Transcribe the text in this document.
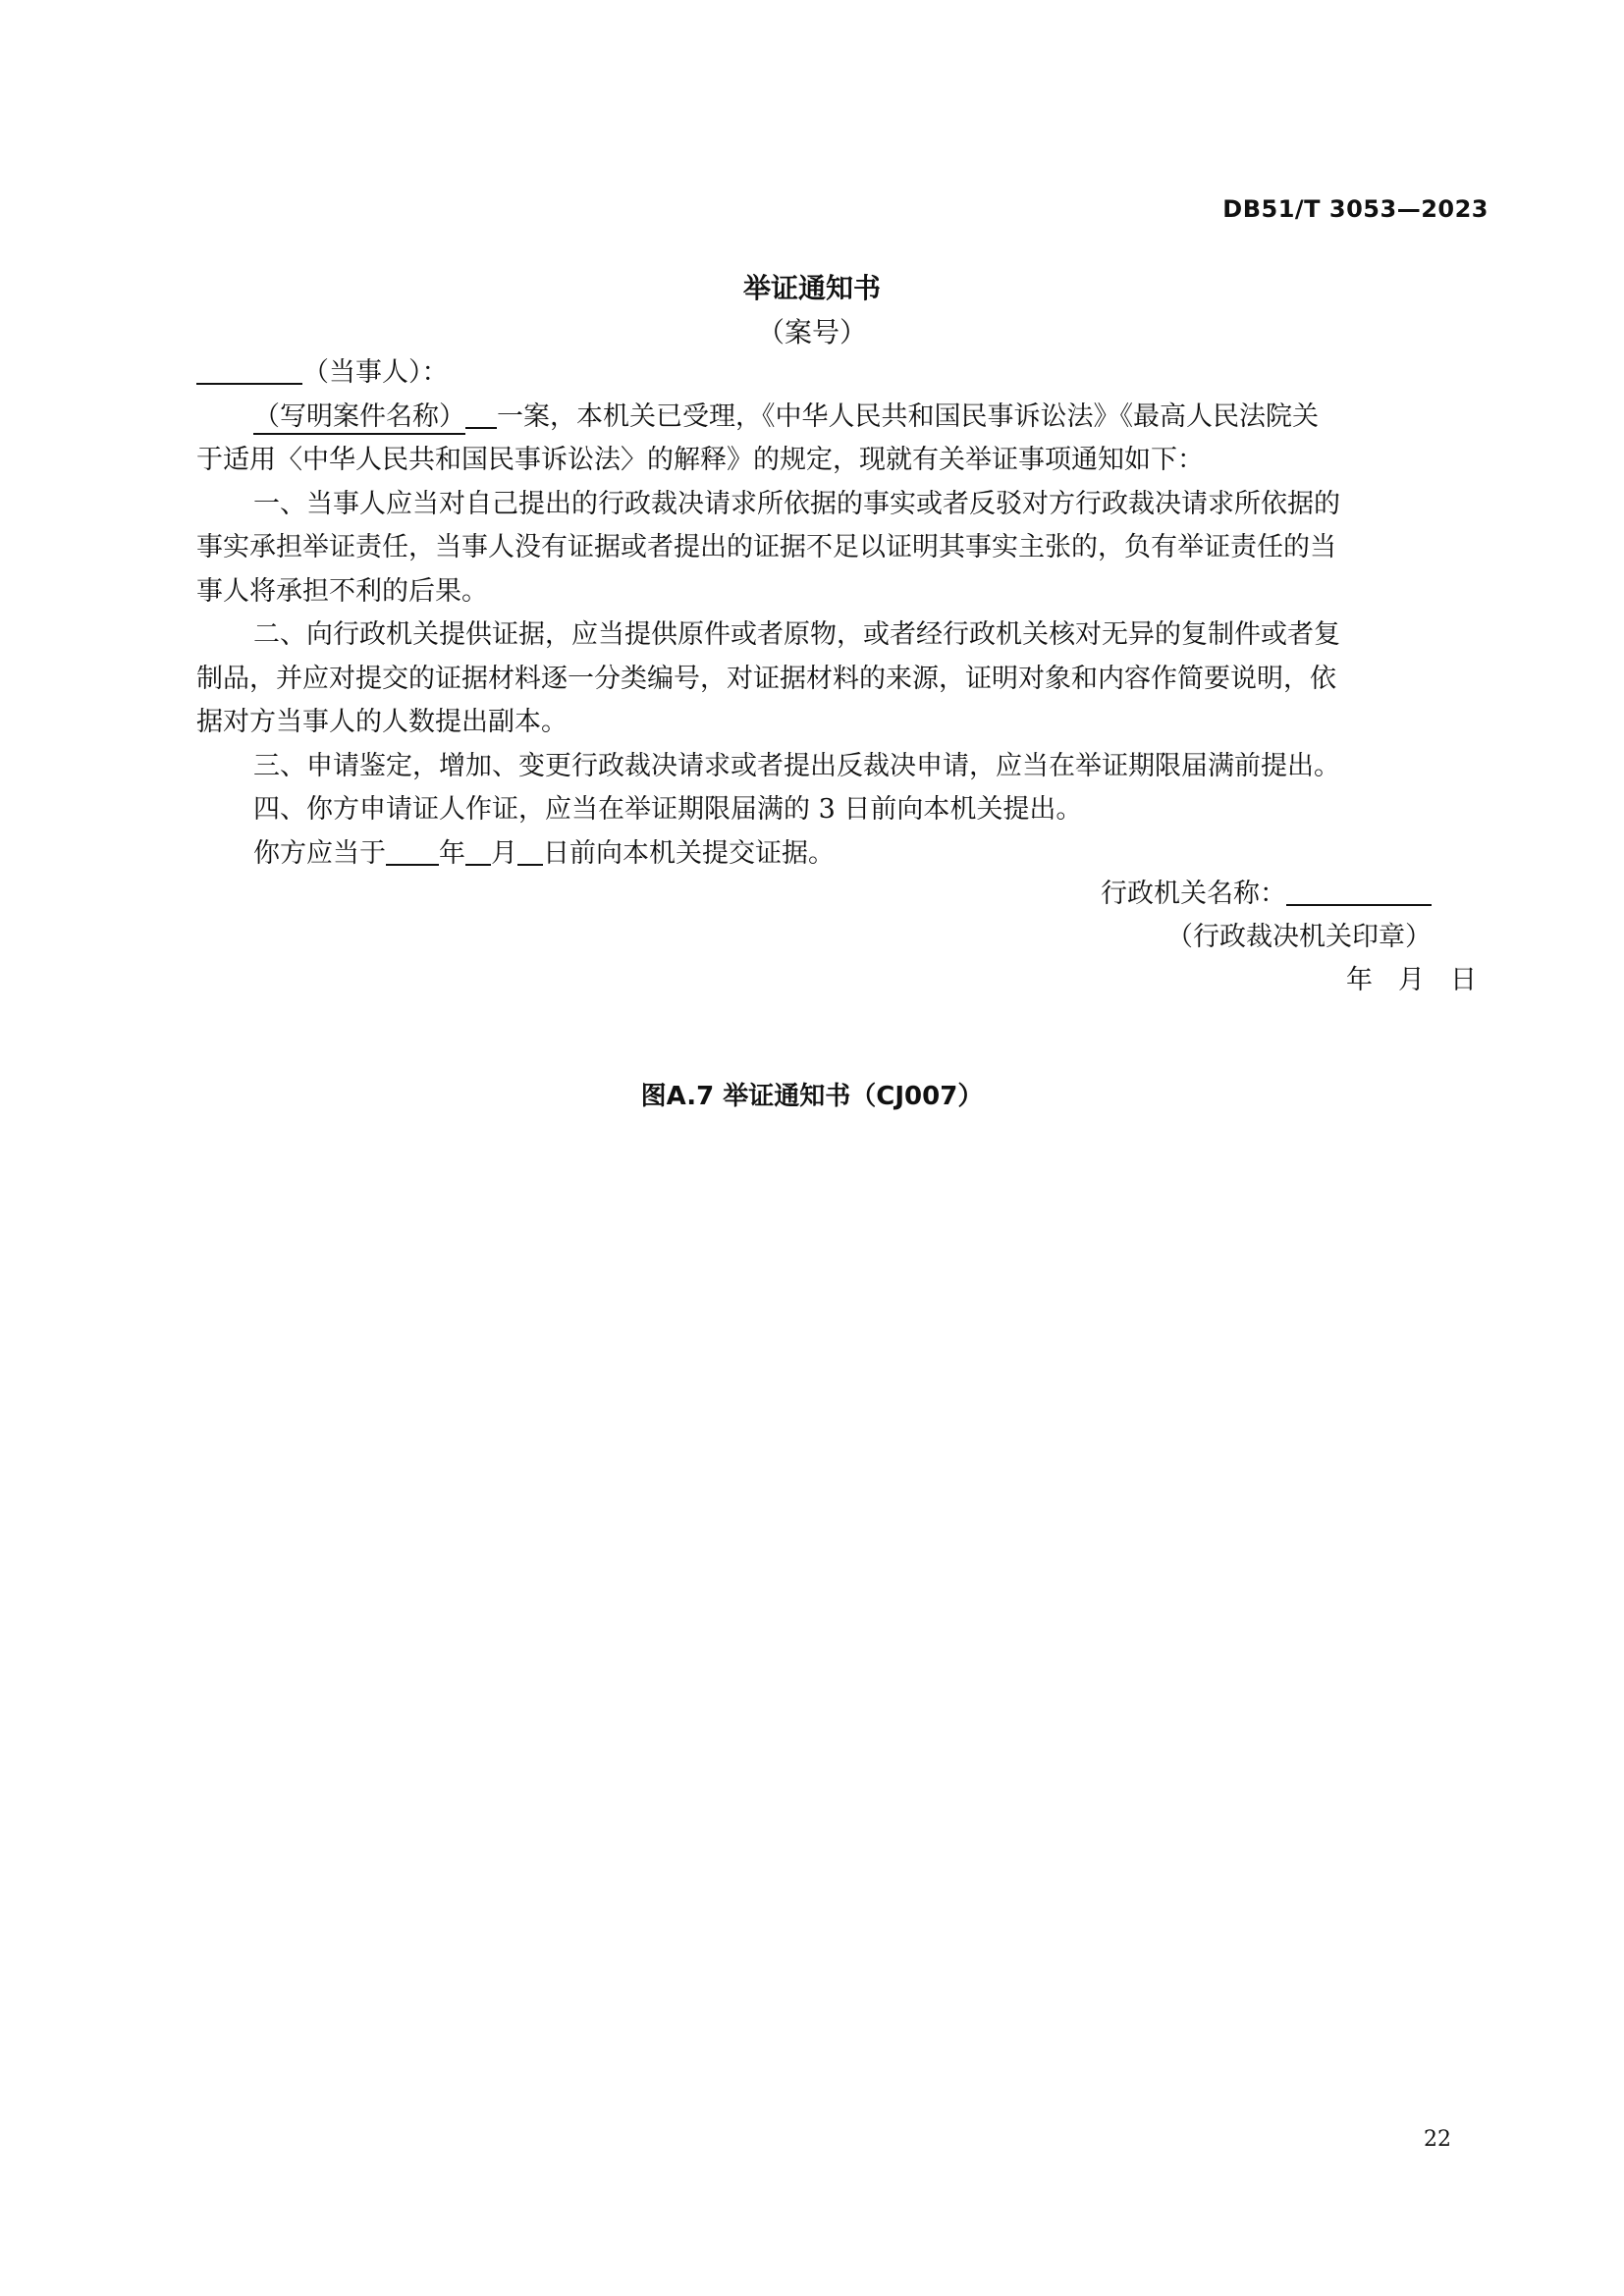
DB51/T 3053—2023
举证通知书
（案号）
（当事人）：
（写明案件名称） 一案，本机关已受理，《中华人民共和国民事诉讼法》《最高人民法院关
于适用〈中华人民共和国民事诉讼法〉的解释》的规定，现就有关举证事项通知如下：
一、当事人应当对自己提出的行政裁决请求所依据的事实或者反驳对方行政裁决请求所依据的
事实承担举证责任，当事人没有证据或者提出的证据不足以证明其事实主张的，负有举证责任的当
事人将承担不利的后果。
二、向行政机关提供证据，应当提供原件或者原物，或者经行政机关核对无异的复制件或者复
制品，并应对提交的证据材料逐一分类编号，对证据材料的来源，证明对象和内容作简要说明，依
据对方当事人的人数提出副本。
三、申请鉴定，增加、变更行政裁决请求或者提出反裁决申请，应当在举证期限届满前提出。
四、你方申请证人作证，应当在举证期限届满的 3 日前向本机关提出。
你方应当于 年 月 日前向本机关提交证据。
行政机关名称：
（行政裁决机关印章）
年 月 日
图A.7 举证通知书（CJ007）
22
